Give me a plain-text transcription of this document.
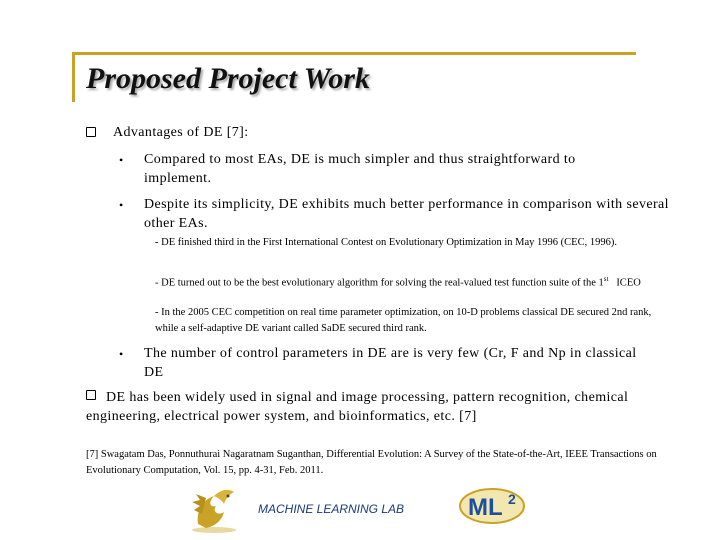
Proposed Project Work
Advantages of DE [7]:
• Compared to most EAs, DE is much simpler and thus straightforward to implement.
• Despite its simplicity, DE exhibits much better performance in comparison with several other EAs.
- DE finished third in the First International Contest on Evolutionary Optimization in May 1996 (CEC, 1996).
- DE turned out to be the best evolutionary algorithm for solving the real-valued test function suite of the 1st ICEO
- In the 2005 CEC competition on real time parameter optimization, on 10-D problems classical DE secured 2nd rank, while a self-adaptive DE variant called SaDE secured third rank.
• The number of control parameters in DE are is very few (Cr, F and Np in classical DE
DE has been widely used in signal and image processing, pattern recognition, chemical engineering, electrical power system, and bioinformatics, etc. [7]
[7] Swagatam Das, Ponnuthurai Nagaratnam Suganthan, Differential Evolution: A Survey of the State-of-the-Art, IEEE Transactions on Evolutionary Computation, Vol. 15, pp. 4-31, Feb. 2011.
MACHINE LEARNING LAB	ML 2
